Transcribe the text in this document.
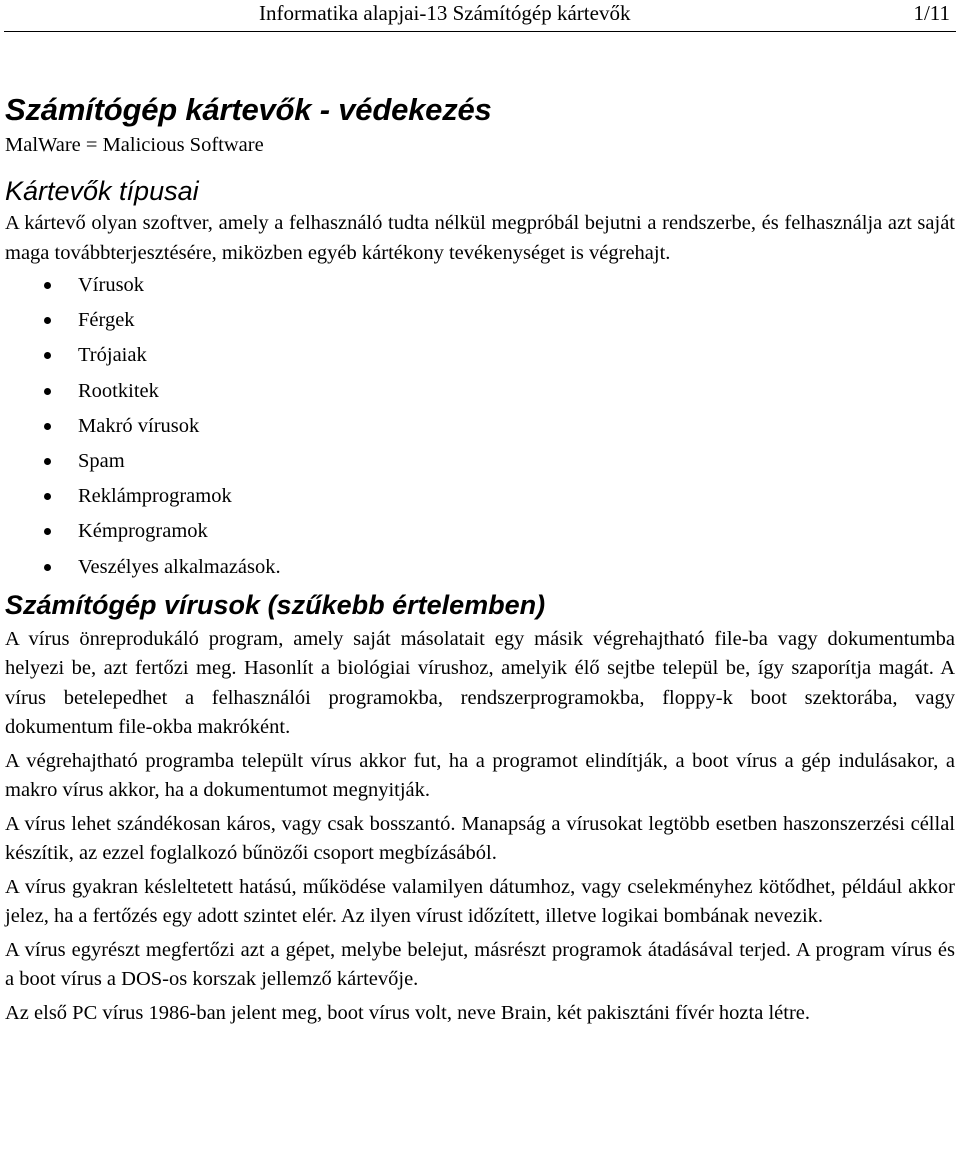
Informatika alapjai-13 Számítógép kártevők	1/11
Számítógép kártevők - védekezés
MalWare = Malicious Software
Kártevők típusai

A kártevő olyan szoftver, amely a felhasználó tudta nélkül megpróbál bejutni a rendszerbe, és felhasználja azt saját maga továbbterjesztésére, miközben egyéb kártékony tevékenységet is végrehajt.

Vírusok
Férgek
Trójaiak
Rootkitek
Makró vírusok
Spam
Reklámprogramok
Kémprogramok
Veszélyes alkalmazások.
Számítógép vírusok (szűkebb értelemben)

A vírus önreprodukáló program, amely saját másolatait egy másik végrehajtható file-ba vagy dokumentumba helyezi be, azt fertőzi meg. Hasonlít a biológiai vírushoz, amelyik élő sejtbe települ be, így szaporítja magát. A vírus betelepedhet a felhasználói programokba, rendszerprogramokba, floppy-k boot szektorába, vagy dokumentum file-okba makróként.

A végrehajtható programba települt vírus akkor fut, ha a programot elindítják, a boot vírus a gép indulásakor, a makro vírus akkor, ha a dokumentumot megnyitják.

A vírus lehet szándékosan káros, vagy csak bosszantó. Manapság a vírusokat legtöbb esetben haszonszerzési céllal készítik, az ezzel foglalkozó bűnözői csoport megbízásából.

A vírus gyakran késleltetett hatású, működése valamilyen dátumhoz, vagy cselekményhez kötődhet, például akkor jelez, ha a fertőzés egy adott szintet elér. Az ilyen vírust időzített, illetve logikai bombának nevezik.

A vírus egyrészt megfertőzi azt a gépet, melybe belejut, másrészt programok átadásával terjed. A program vírus és a boot vírus a DOS-os korszak jellemző kártevője.

Az első PC vírus 1986-ban jelent meg, boot vírus volt, neve Brain, két pakisztáni fívér hozta létre.
